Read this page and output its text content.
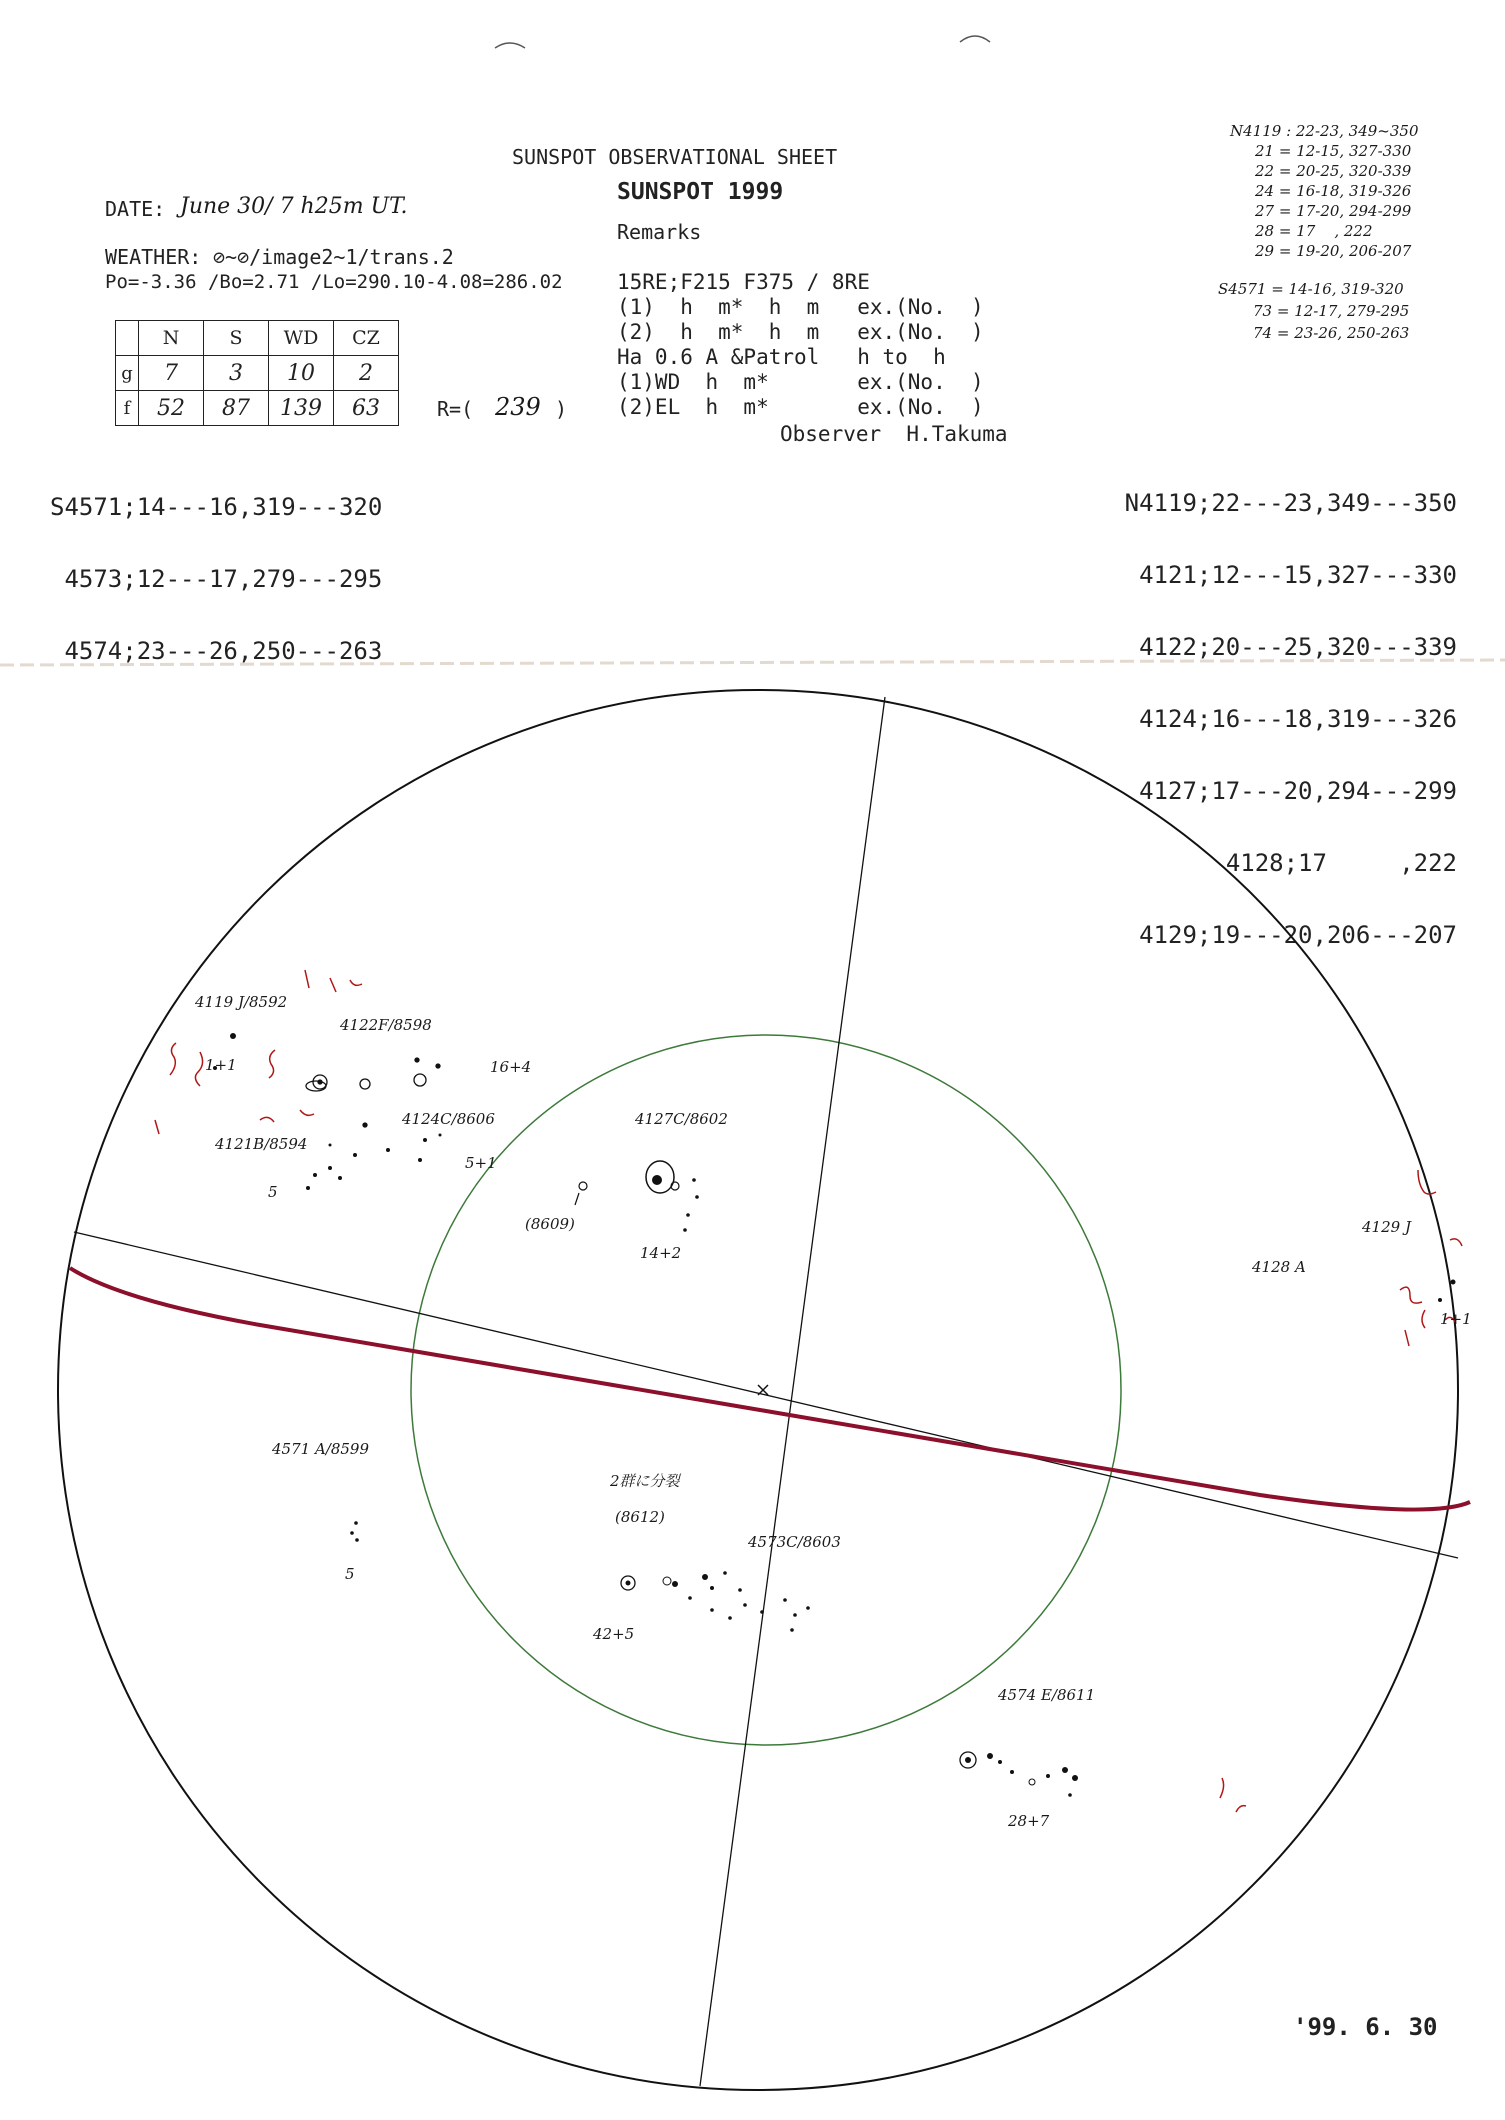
SUNSPOT OBSERVATIONAL SHEET
SUNSPOT 1999
Remarks
DATE: June 30/ 7 h25m UT.
WEATHER: ⊘~⊘/image2~1/trans.2
Po=-3.36 /Bo=2.71 /Lo=290.10-4.08=286.02	15RE;F215 F375 / 8RE
(1)  h  m*  h  m   ex.(No.  )
(2)  h  m*  h  m   ex.(No.  )
Ha 0.6 A &Patrol   h to  h
(1)WD  h  m*       ex.(No.  )
(2)EL  h  m*       ex.(No.  )
Observer  H.Takuma
	N	S	WD	CZ
g	7	3	10	2
f	52	87	139	63	R=( 239 )

S4571;14---16,319---320

4573;12---17,279---295

4574;23---26,250---263

N4119;22---23,349---350

4121;12---15,327---330

4122;20---25,320---339

4124;16---18,319---326

4127;17---20,294---299

4128;17     ,222

4129;19---20,206---207

N4119 : 22-23, 349~350
21 = 12-15, 327-330
22 = 20-25, 320-339
24 = 16-18, 319-326
27 = 17-20, 294-299
28 = 17    , 222
29 = 19-20, 206-207
S4571 = 14-16, 319-320
73 = 12-17, 279-295
74 = 23-26, 250-263
4119 J/8592
1+1
4122F/8598
16+4
4121B/8594
5
4124C/8606
5+1
4127C/8602
14+2
(8609)	4129 J
1+1
4128 A
4571 A/8599
5
2群に分裂
(8612)
4573C/8603
42+5
4574 E/8611
28+7
'99. 6. 30
